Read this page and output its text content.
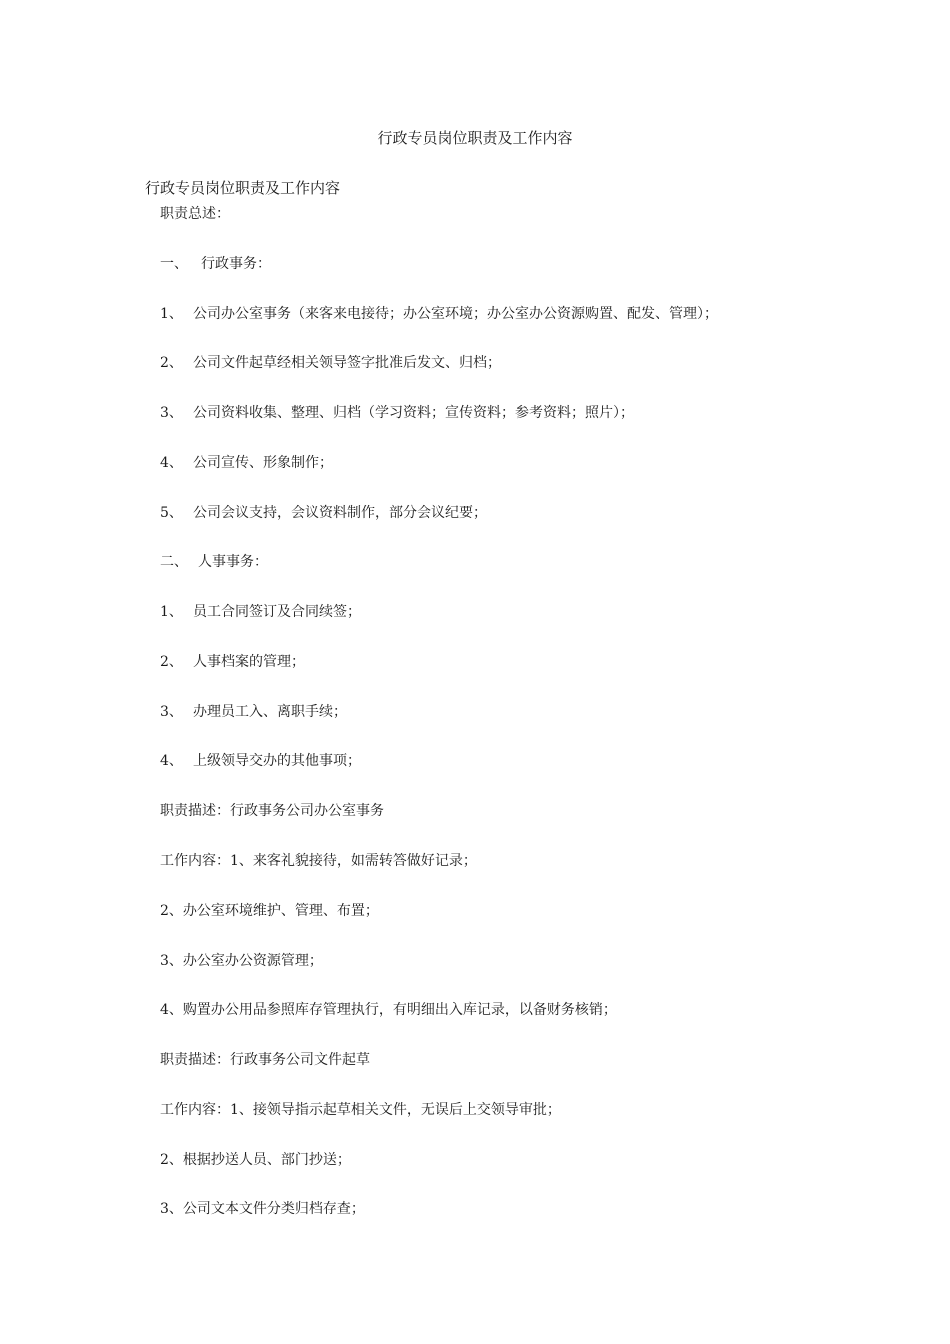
行政专员岗位职责及工作内容

行政专员岗位职责及工作内容

职责总述：

一、 行政事务：

1、 公司办公室事务（来客来电接待；办公室环境；办公室办公资源购置、配发、管理）；

2、 公司文件起草经相关领导签字批准后发文、归档；

3、 公司资料收集、整理、归档（学习资料；宣传资料；参考资料；照片）；

4、 公司宣传、形象制作；

5、 公司会议支持，会议资料制作，部分会议纪要；

二、 人事事务：

1、 员工合同签订及合同续签；

2、 人事档案的管理；

3、 办理员工入、离职手续；

4、 上级领导交办的其他事项；

职责描述：行政事务公司办公室事务

工作内容：1、来客礼貌接待，如需转答做好记录；

2、办公室环境维护、管理、布置；

3、办公室办公资源管理；

4、购置办公用品参照库存管理执行，有明细出入库记录，以备财务核销；

职责描述：行政事务公司文件起草

工作内容：1、接领导指示起草相关文件，无误后上交领导审批；

2、根据抄送人员、部门抄送；

3、公司文本文件分类归档存查；
